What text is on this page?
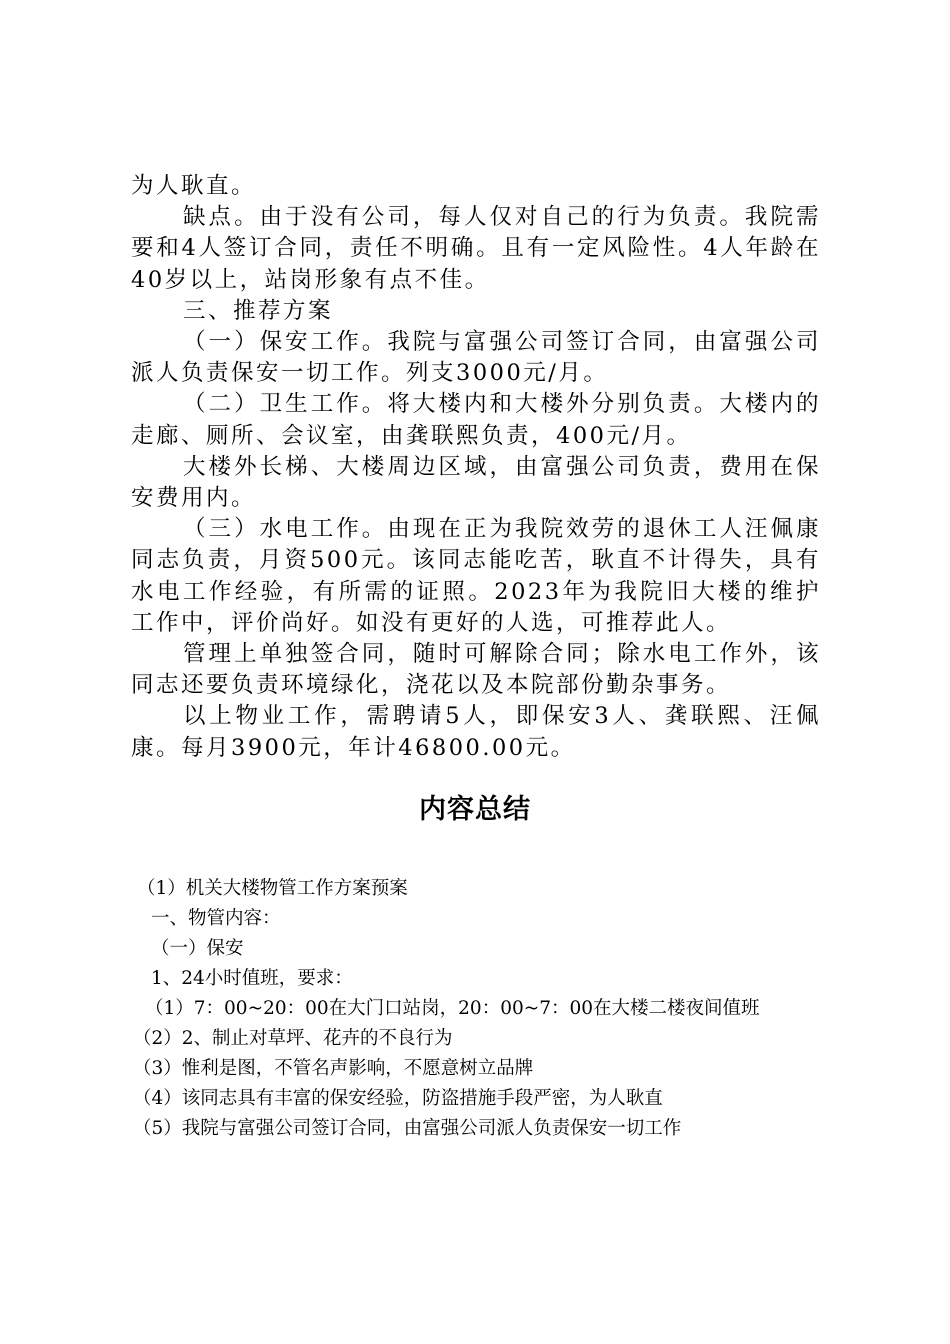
为人耿直。

缺点。由于没有公司，每人仅对自己的行为负责。我院需要和4人签订合同，责任不明确。且有一定风险性。4人年龄在40岁以上，站岗形象有点不佳。

三、推荐方案

（一）保安工作。我院与富强公司签订合同，由富强公司派人负责保安一切工作。列支3000元/月。

（二）卫生工作。将大楼内和大楼外分别负责。大楼内的走廊、厕所、会议室，由龚联熙负责，400元/月。

大楼外长梯、大楼周边区域，由富强公司负责，费用在保安费用内。

（三）水电工作。由现在正为我院效劳的退休工人汪佩康同志负责，月资500元。该同志能吃苦，耿直不计得失，具有水电工作经验，有所需的证照。2023年为我院旧大楼的维护工作中，评价尚好。如没有更好的人选，可推荐此人。

管理上单独签合同，随时可解除合同；除水电工作外，该同志还要负责环境绿化，浇花以及本院部份勤杂事务。

以上物业工作，需聘请5人，即保安3人、龚联熙、汪佩康。每月3900元，年计46800.00元。

内容总结

（1）机关大楼物管工作方案预案

一、物管内容：

（一）保安

1、24小时值班，要求：

（1）7：00~20：00在大门口站岗，20：00~7：00在大楼二楼夜间值班

（2）2、制止对草坪、花卉的不良行为

（3）惟利是图，不管名声影响，不愿意树立品牌

（4）该同志具有丰富的保安经验，防盗措施手段严密，为人耿直

（5）我院与富强公司签订合同，由富强公司派人负责保安一切工作
